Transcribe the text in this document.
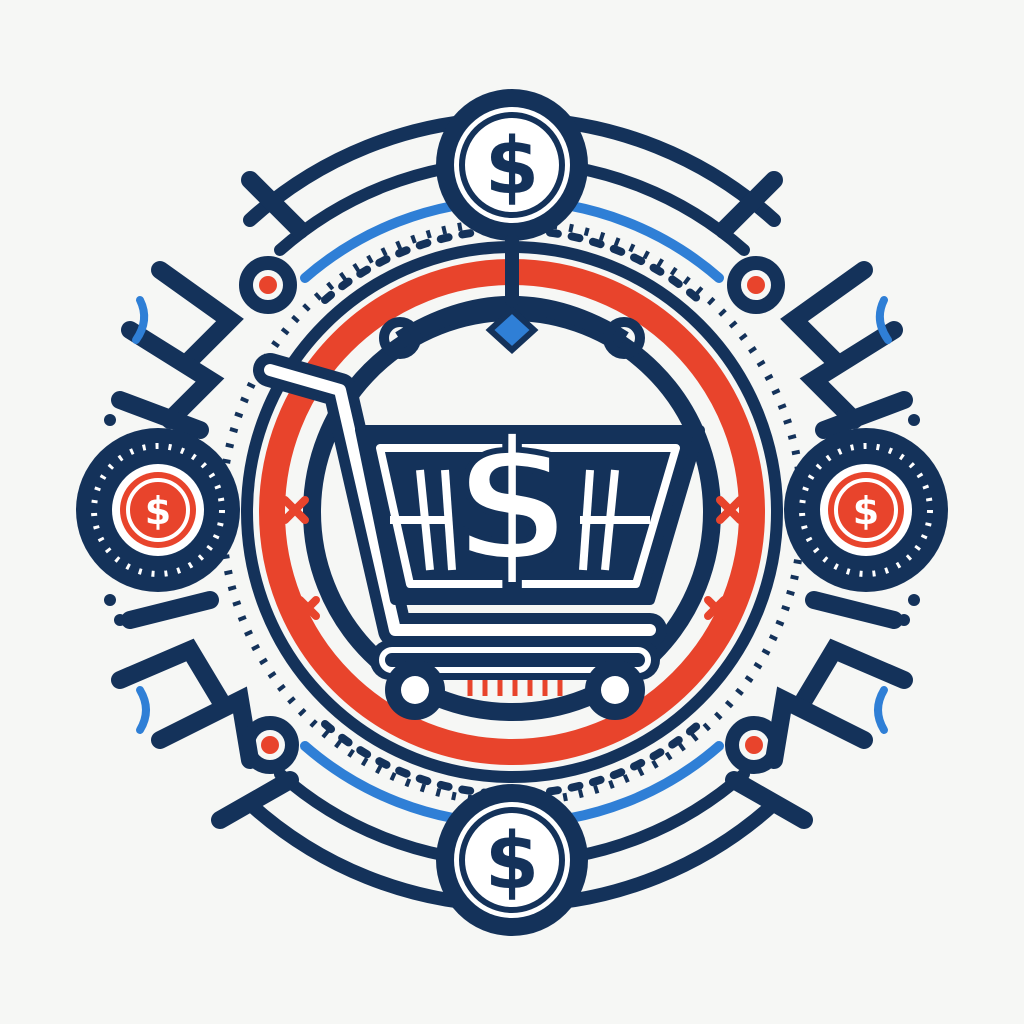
$
$
$
$	$
